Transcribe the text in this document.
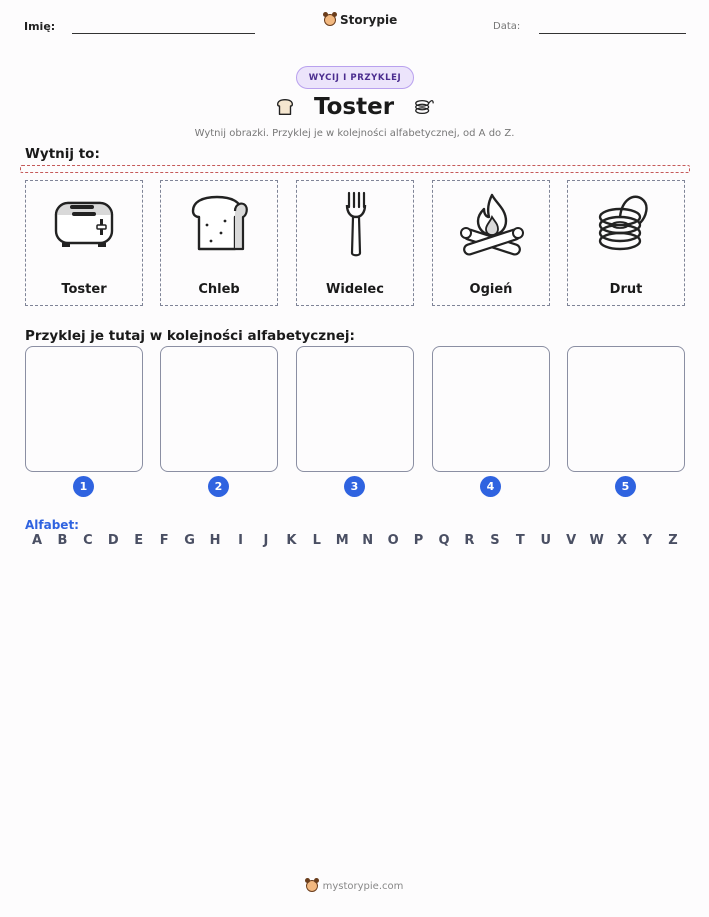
Imię:	Storypie	Data:
WYCIJ I PRZYKLEJ
Toster
Wytnij obrazki. Przyklej je w kolejności alfabetycznej, od A do Z.
Wytnij to:
Toster	Chleb	Widelec	Ogień	Drut
Przyklej je tutaj w kolejności alfabetycznej:
1	2	3	4	5
Alfabet:
A	B	C	D	E	F	G	H	I	J	K	L	M	N	O	P	Q	R	S	T	U	V	W	X	Y	Z
mystorypie.com
